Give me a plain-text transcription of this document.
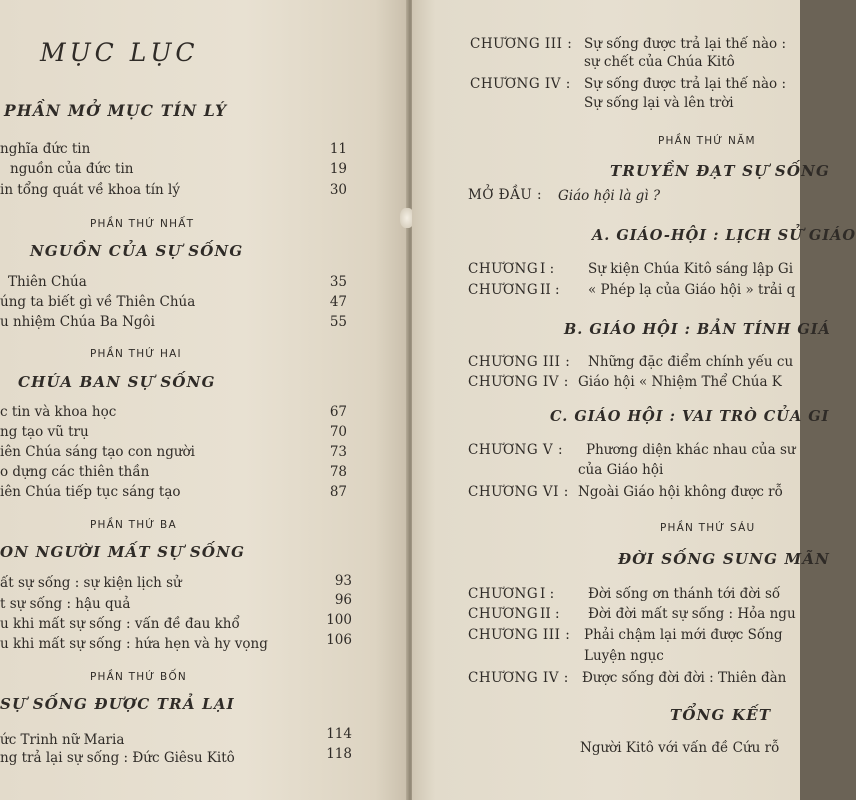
MỤC LỤC
PHẦN MỞ MỤC TÍN LÝ
nghĩa đức tin	11
nguồn của đức tin	19
in tổng quát về khoa tín lý	30
PHẦN THỨ NHẤT
NGUỒN CỦA SỰ SỐNG
Thiên Chúa	35
úng ta biết gì về Thiên Chúa	47
u nhiệm Chúa Ba Ngôi	55
PHẦN THỨ HAI
CHÚA BAN SỰ SỐNG
c tin và khoa học	67
ng tạo vũ trụ	70
iên Chúa sáng tạo con người	73
o dựng các thiên thần	78
iên Chúa tiếp tục sáng tạo	87
PHẦN THỨ BA
ON NGƯỜI MẤT SỰ SỐNG
ất sự sống : sự kiện lịch sử	93
t sự sống : hậu quả	96
u khi mất sự sống : vấn đề đau khổ	100
u khi mất sự sống : hứa hẹn và hy vọng	106
PHẦN THỨ BỐN
SỰ SỐNG ĐƯỢC TRẢ LẠI
ức Trinh nữ Maria	114
ng trả lại sự sống : Đức Giêsu Kitô	118
CHƯƠNG III : Sự sống được trả lại thế nào :
sự chết của Chúa Kitô
CHƯƠNG IV : Sự sống được trả lại thế nào :
Sự sống lại và lên trời
PHẦN THỨ NĂM
TRUYỀN ĐẠT SỰ SỐNG
MỞ ĐẦU : Giáo hội là gì ?
A. GIÁO-HỘI : LỊCH SỬ GIÁO
CHƯƠNG I :	Sự kiện Chúa Kitô sáng lập Gi
CHƯƠNG II : « Phép lạ của Giáo hội » trải q
B. GIÁO HỘI : BẢN TÍNH GIÁ
CHƯƠNG III : Những đặc điểm chính yếu cu
CHƯƠNG IV : Giáo hội « Nhiệm Thể Chúa K
C. GIÁO HỘI : VAI TRÒ CỦA GI
CHƯƠNG V : Phương diện khác nhau của sư
của Giáo hội
CHƯƠNG VI : Ngoài Giáo hội không được rỗ
PHẦN THỨ SÁU
ĐỜI SỐNG SUNG MÃN
CHƯƠNG I :	Đời sống ơn thánh tới đời số
CHƯƠNG II : Đời đời mất sự sống : Hỏa ngu
CHƯƠNG III : Phải chậm lại mới được Sống
Luyện ngục
CHƯƠNG IV : Được sống đời đời : Thiên đàn
TỔNG KẾT
Người Kitô với vấn đề Cứu rỗ
